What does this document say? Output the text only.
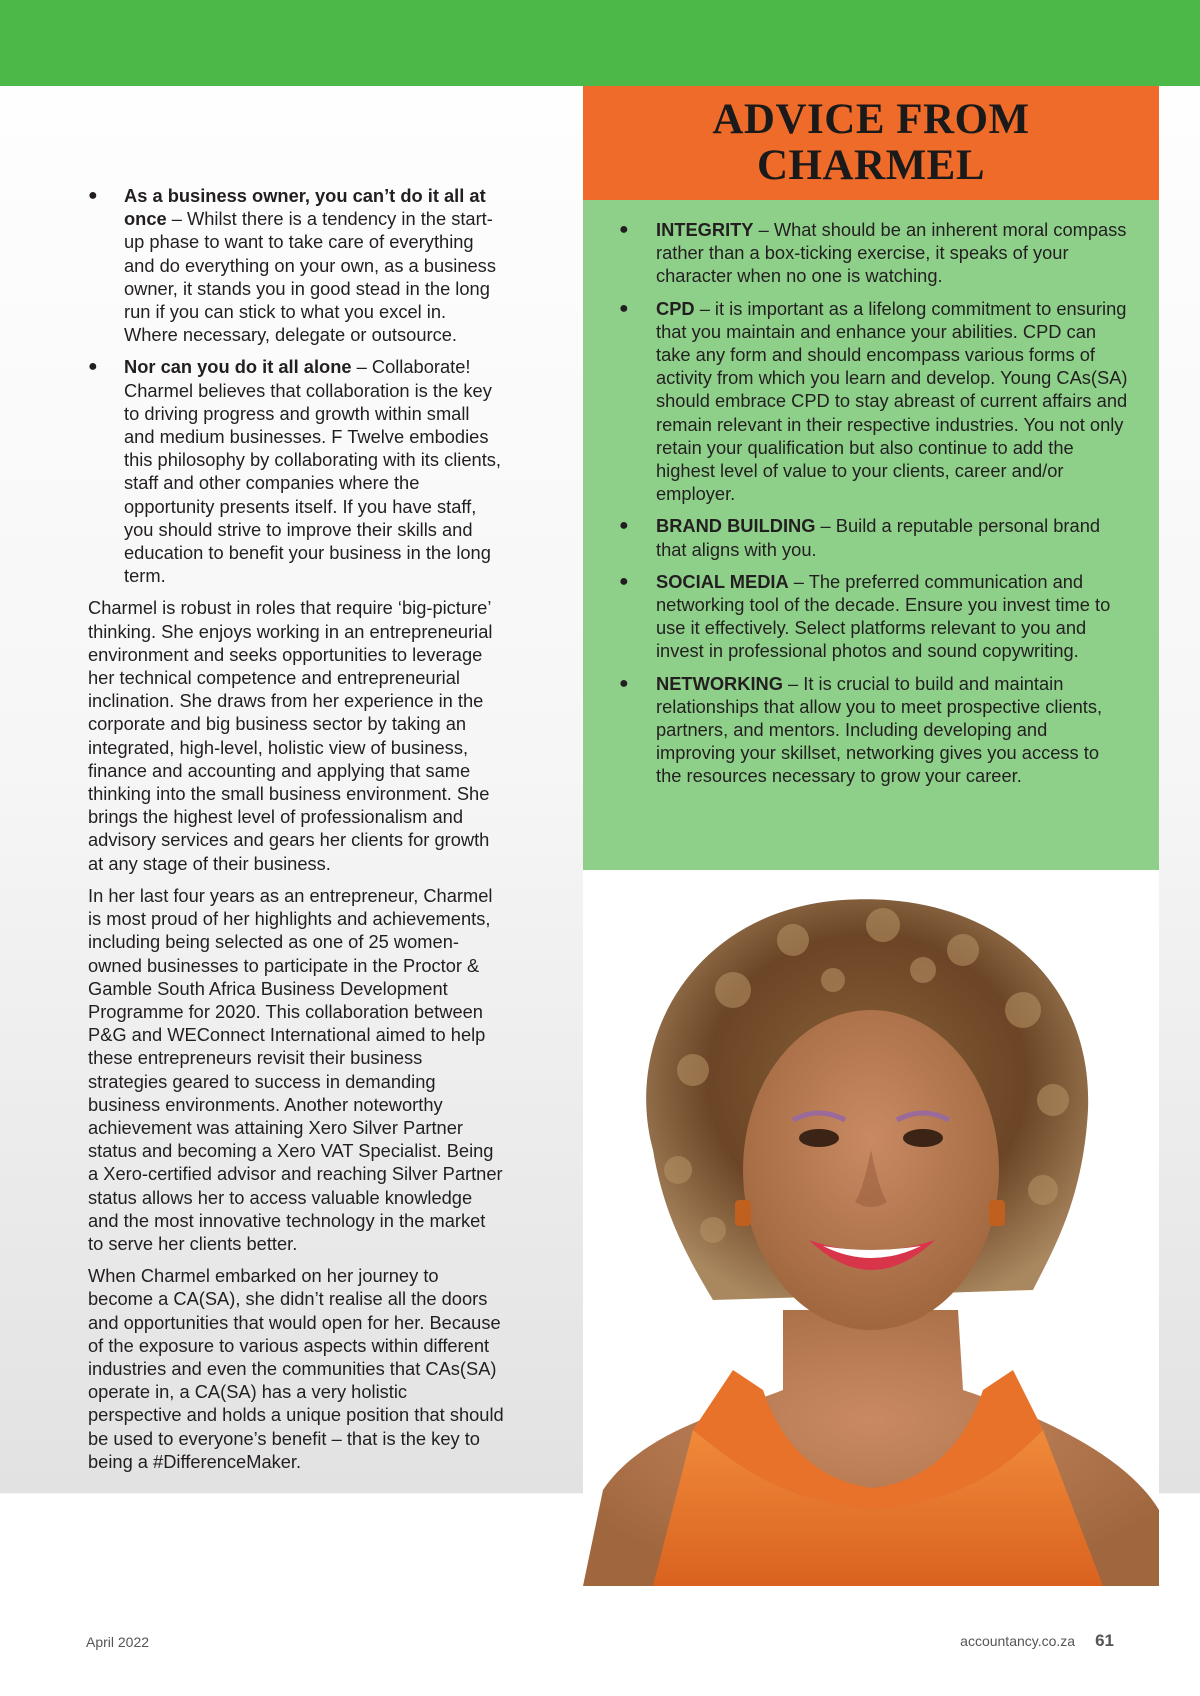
● As a business owner, you can’t do it all at once – Whilst there is a tendency in the start-up phase to want to take care of everything and do everything on your own, as a business owner, it stands you in good stead in the long run if you can stick to what you excel in. Where necessary, delegate or outsource.
● Nor can you do it all alone – Collaborate! Charmel believes that collaboration is the key to driving progress and growth within small and medium businesses. F Twelve embodies this philosophy by collaborating with its clients, staff and other companies where the opportunity presents itself. If you have staff, you should strive to improve their skills and education to benefit your business in the long term.

Charmel is robust in roles that require ‘big-picture’ thinking. She enjoys working in an entrepreneurial environment and seeks opportunities to leverage her technical competence and entrepreneurial inclination. She draws from her experience in the corporate and big business sector by taking an integrated, high-level, holistic view of business, finance and accounting and applying that same thinking into the small business environment. She brings the highest level of professionalism and advisory services and gears her clients for growth at any stage of their business.

In her last four years as an entrepreneur, Charmel is most proud of her highlights and achievements, including being selected as one of 25 women-owned businesses to participate in the Proctor & Gamble South Africa Business Development Programme for 2020. This collaboration between P&G and WEConnect International aimed to help these entrepreneurs revisit their business strategies geared to success in demanding business environments. Another noteworthy achievement was attaining Xero Silver Partner status and becoming a Xero VAT Specialist. Being a Xero-certified advisor and reaching Silver Partner status allows her to access valuable knowledge and the most innovative technology in the market to serve her clients better.

When Charmel embarked on her journey to become a CA(SA), she didn’t realise all the doors and opportunities that would open for her. Because of the exposure to various aspects within different industries and even the communities that CAs(SA) operate in, a CA(SA) has a very holistic perspective and holds a unique position that should be used to everyone’s benefit – that is the key to being a #DifferenceMaker.

ADVICE FROM CHARMEL
● INTEGRITY – What should be an inherent moral compass rather than a box-ticking exercise, it speaks of your character when no one is watching.
● CPD – it is important as a lifelong commitment to ensuring that you maintain and enhance your abilities. CPD can take any form and should encompass various forms of activity from which you learn and develop. Young CAs(SA) should embrace CPD to stay abreast of current affairs and remain relevant in their respective industries. You not only retain your qualification but also continue to add the highest level of value to your clients, career and/or employer.
● BRAND BUILDING – Build a reputable personal brand that aligns with you.
● SOCIAL MEDIA – The preferred communication and networking tool of the decade. Ensure you invest time to use it effectively. Select platforms relevant to you and invest in professional photos and sound copywriting.
● NETWORKING – It is crucial to build and maintain relationships that allow you to meet prospective clients, partners, and mentors. Including developing and improving your skillset, networking gives you access to the resources necessary to grow your career.
April 2022	accountancy.co.za 61
